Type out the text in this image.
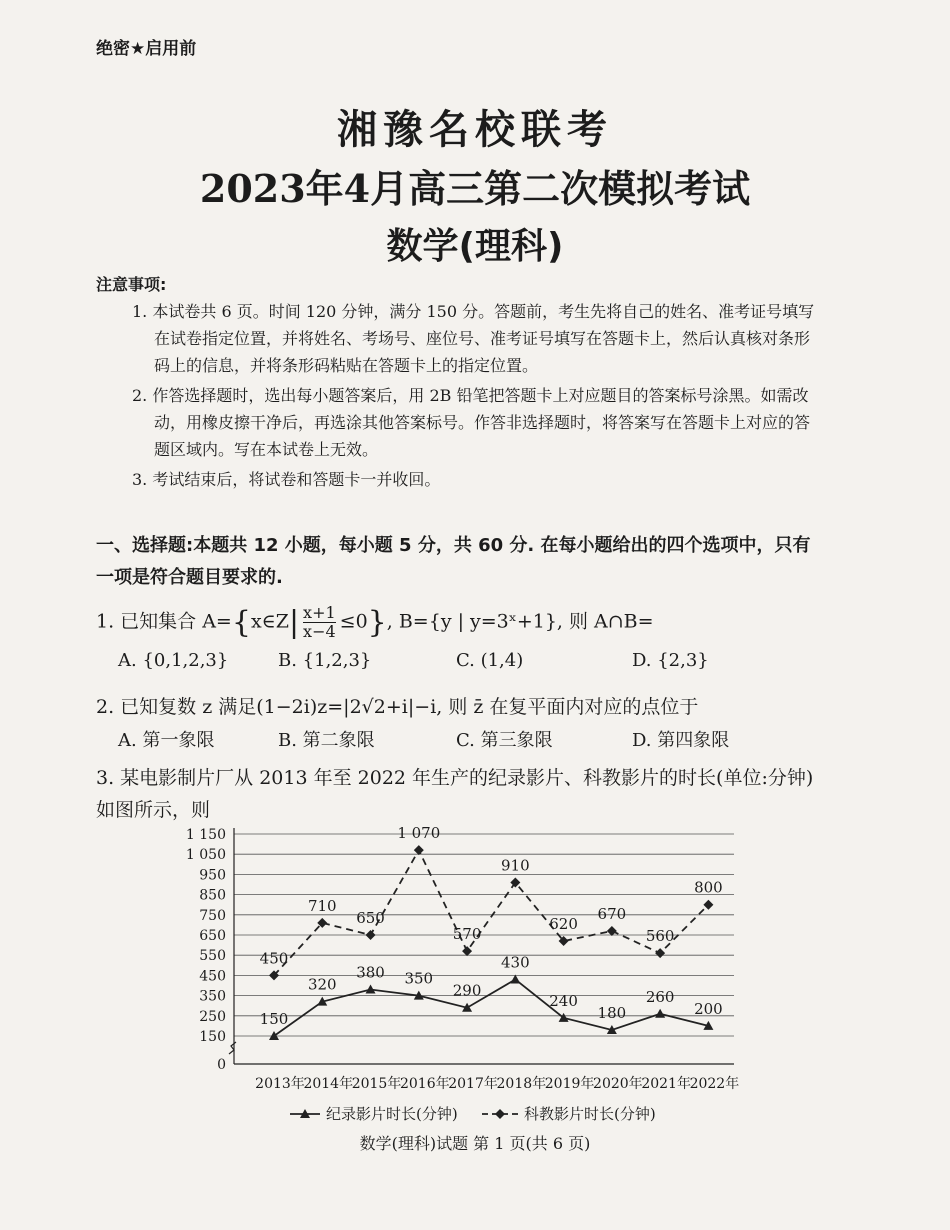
绝密★启用前
湘豫名校联考
2023年4月高三第二次模拟考试
数学(理科)
注意事项:

1. 本试卷共 6 页。时间 120 分钟，满分 150 分。答题前，考生先将自己的姓名、准考证号填写在试卷指定位置，并将姓名、考场号、座位号、准考证号填写在答题卡上，然后认真核对条形码上的信息，并将条形码粘贴在答题卡上的指定位置。

2. 作答选择题时，选出每小题答案后，用 2B 铅笔把答题卡上对应题目的答案标号涂黑。如需改动，用橡皮擦干净后，再选涂其他答案标号。作答非选择题时，将答案写在答题卡上对应的答题区域内。写在本试卷上无效。

3. 考试结束后，将试卷和答题卡一并收回。

一、选择题:本题共 12 小题，每小题 5 分，共 60 分. 在每小题给出的四个选项中，只有一项是符合题目要求的.
1. 已知集合 A={x∈Z| $\frac{x+1}{x-4} \le 0$}, B={y | y=3ˣ+1}, 则 A∩B=
A. {0,1,2,3}	B. {1,2,3}	C. (1,4)	D. {2,3}
2. 已知复数 z 满足(1−2i)z=|2√2+i|−i, 则 z̄ 在复平面内对应的点位于
A. 第一象限	B. 第二象限	C. 第三象限	D. 第四象限
3. 某电影制片厂从 2013 年至 2022 年生产的纪录影片、科教影片的时长(单位:分钟)如图所示，则
0
150
250
350
450
550
650
750
850
950
1 050
1 150
2013年
2014年
2015年
2016年
2017年
2018年
2019年
2020年
2021年
2022年
150
320
380 350
290
430
240
180
260
200
450
710
650
1 070
570
910
620
670
560
800
纪录影片时长(分钟)	科教影片时长(分钟)
数学(理科)试题 第 1 页(共 6 页)
